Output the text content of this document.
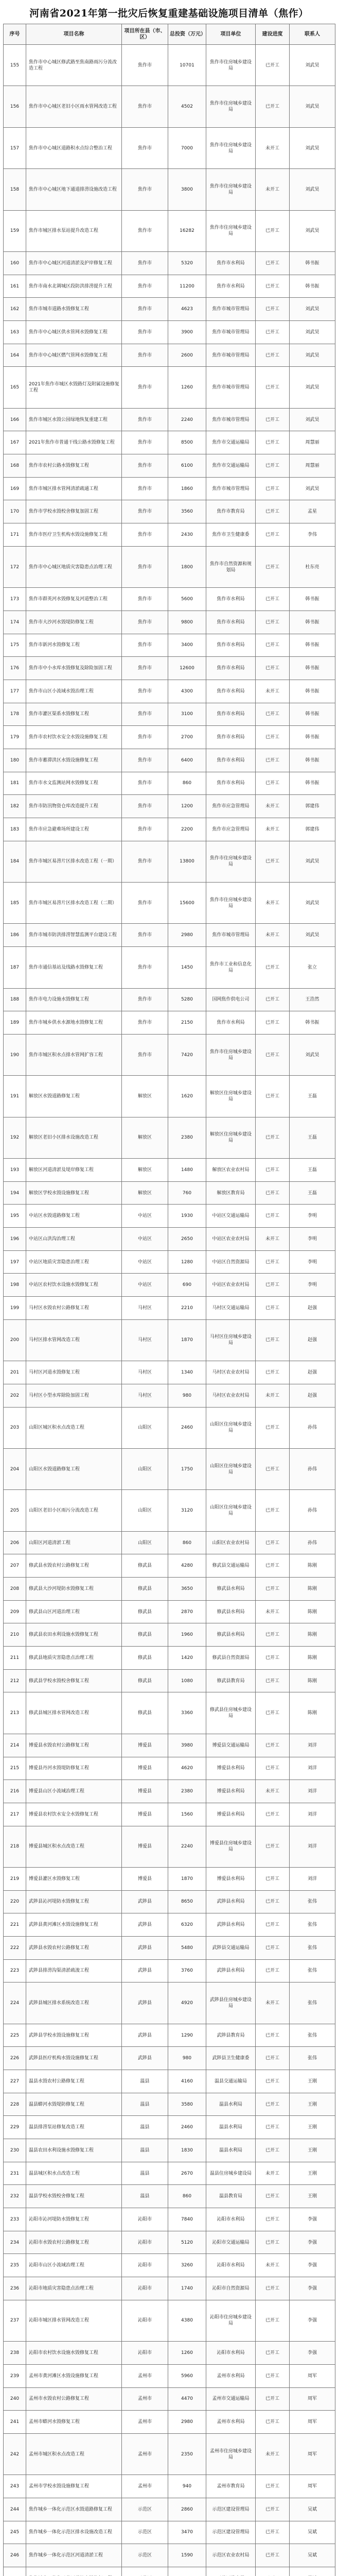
河南省2021年第一批灾后恢复重建基础设施项目清单（焦作）
序号	项目名称	项目所在县（市、区）	总投资（万元）	项目单位	建设进度	联系人
155	焦作市中心城区修武路至焦南路雨污分流改造工程	焦作市	10701	焦作市住房城乡建设局	已开工	刘武昊
156	焦作市中心城区老旧小区雨水管网改造工程	焦作市	4502	焦作市住房城乡建设局	已开工	刘武昊
157	焦作市中心城区道路积水点综合整治工程	焦作市	7000	焦作市住房城乡建设局	未开工	刘武昊
158	焦作市中心城区地下通道排涝设施改造工程	焦作市	3800	焦作市住房城乡建设局	未开工	刘武昊
159	焦作市城区排水泵站提升改造工程	焦作市	16282	焦作市住房城乡建设局	已开工	刘武昊
160	焦作市中心城区河道清淤及护岸修复工程	焦作市	5320	焦作市水利局	已开工	韩书振
161	焦作市南水北调城区段防洪排涝提升工程	焦作市	11200	焦作市水利局	已开工	韩书振
162	焦作市城市道路水毁修复工程	焦作市	4623	焦作市城市管理局	已开工	刘武昊
163	焦作市中心城区供水管网水毁修复工程	焦作市	3900	焦作市城市管理局	已开工	刘武昊
164	焦作市中心城区燃气管网水毁修复工程	焦作市	2600	焦作市城市管理局	已开工	刘武昊
165	2021年焦作市城区水毁路灯及附属设施修复工程	焦作市	1260	焦作市城市管理局	已开工	刘武昊
166	焦作市城区水毁公园绿地恢复重建工程	焦作市	2240	焦作市城市管理局	已开工	刘武昊
167	2021年焦作市普通干线公路水毁修复工程	焦作市	8500	焦作市交通运输局	已开工	周慧丽
168	焦作市农村公路水毁修复工程	焦作市	6100	焦作市交通运输局	已开工	周慧丽
169	焦作市城区排水管网清淤疏通工程	焦作市	1860	焦作市城市管理局	已开工	刘武昊
170	焦作市学校水毁校舍修复加固工程	焦作市	3560	焦作市教育局	已开工	孟星
171	焦作市医疗卫生机构水毁设施修复工程	焦作市	2430	焦作市卫生健康委	已开工	李伟
172	焦作市中心城区地质灾害隐患点治理工程	焦作市	1800	焦作市自然资源和规划局	已开工	杜东亮
173	焦作市群英河水毁修复及河道整治工程	焦作市	5600	焦作市水利局	已开工	韩书振
174	焦作市大沙河水毁堤防修复工程	焦作市	9800	焦作市水利局	已开工	韩书振
175	焦作市新河水毁修复工程	焦作市	3400	焦作市水利局	已开工	韩书振
176	焦作市中小水库水毁修复及除险加固工程	焦作市	12600	焦作市水利局	已开工	韩书振
177	焦作市山区小流域水毁治理工程	焦作市	4300	焦作市水利局	未开工	韩书振
178	焦作市灌区渠系水毁修复工程	焦作市	3100	焦作市水利局	已开工	韩书振
179	焦作市农村饮水安全水毁设施修复工程	焦作市	2700	焦作市水利局	已开工	韩书振
180	焦作市蓄滞洪区水毁设施修复工程	焦作市	6400	焦作市水利局	已开工	韩书振
181	焦作市水文监测站网水毁修复工程	焦作市	860	焦作市水利局	已开工	韩书振
182	焦作市防汛物资仓库改造提升工程	焦作市	1200	焦作市应急管理局	未开工	郭建伟
183	焦作市应急避难场所建设工程	焦作市	2200	焦作市应急管理局	未开工	郭建伟
184	焦作市城区易涝片区排水改造工程（一期）	焦作市	13800	焦作市住房城乡建设局	已开工	刘武昊
185	焦作市城区易涝片区排水改造工程（二期）	焦作市	15600	焦作市住房城乡建设局	未开工	刘武昊
186	焦作市城市防洪排涝智慧监测平台建设工程	焦作市	2980	焦作市城市管理局	未开工	刘武昊
187	焦作市通信基站及线路水毁修复工程	焦作市	1450	焦作市工业和信息化局	已开工	张立
188	焦作市电力设施水毁修复工程	焦作市	5280	国网焦作供电公司	已开工	王浩然
189	焦作市城乡供水水源地水毁修复工程	焦作市	2150	焦作市水利局	已开工	韩书振
190	焦作市城区积水点排水管网扩容工程	焦作市	7420	焦作市住房城乡建设局	已开工	刘武昊
191	解放区水毁道路修复工程	解放区	1620	解放区住房城乡建设局	已开工	王磊
192	解放区老旧小区排水设施改造工程	解放区	2380	解放区住房城乡建设局	已开工	王磊
193	解放区河道清淤及堤岸修复工程	解放区	1480	解放区农业农村局	已开工	王磊
194	解放区学校水毁设施修复工程	解放区	760	解放区教育局	已开工	王磊
195	中站区水毁道路修复工程	中站区	1930	中站区交通运输局	已开工	李明
196	中站区山洪沟治理工程	中站区	2650	中站区农业农村局	未开工	李明
197	中站区地质灾害隐患治理工程	中站区	1280	中站区自然资源局	已开工	李明
198	中站区农村饮水设施水毁修复工程	中站区	690	中站区农业农村局	已开工	李明
199	马村区水毁农村公路修复工程	马村区	2210	马村区交通运输局	已开工	赵强
200	马村区排水管网改造工程	马村区	1870	马村区住房城乡建设局	已开工	赵强
201	马村区河道水毁修复工程	马村区	1340	马村区农业农村局	已开工	赵强
202	马村区小型水库除险加固工程	马村区	980	马村区农业农村局	未开工	赵强
203	山阳区城区积水点改造工程	山阳区	2460	山阳区住房城乡建设局	已开工	孙伟
204	山阳区水毁道路修复工程	山阳区	1750	山阳区住房城乡建设局	已开工	孙伟
205	山阳区老旧小区雨污分流改造工程	山阳区	3120	山阳区住房城乡建设局	已开工	孙伟
206	山阳区河道清淤工程	山阳区	860	山阳区农业农村局	已开工	孙伟
207	修武县水毁农村公路修复工程	修武县	4280	修武县交通运输局	已开工	陈刚
208	修武县大沙河堤防水毁修复工程	修武县	3650	修武县水利局	已开工	陈刚
209	修武县山区河道治理工程	修武县	2870	修武县水利局	未开工	陈刚
210	修武县农田水利设施水毁修复工程	修武县	1960	修武县水利局	已开工	陈刚
211	修武县地质灾害隐患点治理工程	修武县	1420	修武县自然资源局	已开工	陈刚
212	修武县学校水毁校舍修复工程	修武县	1080	修武县教育局	已开工	陈刚
213	修武县城区排水管网改造工程	修武县	3360	修武县住房城乡建设局	已开工	陈刚
214	博爱县水毁农村公路修复工程	博爱县	3980	博爱县交通运输局	已开工	刘洋
215	博爱县丹河水毁堤防修复工程	博爱县	4620	博爱县水利局	已开工	刘洋
216	博爱县山区小流域治理工程	博爱县	2380	博爱县水利局	未开工	刘洋
217	博爱县农村饮水安全水毁修复工程	博爱县	1560	博爱县水利局	已开工	刘洋
218	博爱县城区积水点改造工程	博爱县	2240	博爱县住房城乡建设局	已开工	刘洋
219	博爱县灌区水毁修复工程	博爱县	1870	博爱县水利局	已开工	刘洋
220	武陟县沁河堤防水毁修复工程	武陟县	8650	武陟县水利局	已开工	张伟
221	武陟县黄河滩区水毁设施修复工程	武陟县	6320	武陟县水利局	已开工	张伟
222	武陟县水毁农村公路修复工程	武陟县	5480	武陟县交通运输局	已开工	张伟
223	武陟县排涝沟渠清淤疏浚工程	武陟县	3760	武陟县水利局	已开工	张伟
224	武陟县城区排水系统改造工程	武陟县	4920	武陟县住房城乡建设局	未开工	张伟
225	武陟县学校水毁设施修复工程	武陟县	1290	武陟县教育局	已开工	张伟
226	武陟县医疗机构水毁设施修复工程	武陟县	980	武陟县卫生健康委	已开工	张伟
227	温县水毁农村公路修复工程	温县	4160	温县交通运输局	已开工	王刚
228	温县蟒河水毁堤防修复工程	温县	3580	温县水利局	已开工	王刚
229	温县排涝泵站修复改造工程	温县	2460	温县水利局	已开工	王刚
230	温县农田水利设施水毁修复工程	温县	1830	温县水利局	已开工	王刚
231	温县城区积水点改造工程	温县	2670	温县住房城乡建设局	未开工	王刚
232	温县学校水毁校舍修复工程	温县	860	温县教育局	已开工	王刚
233	沁阳市沁河堤防水毁修复工程	沁阳市	7840	沁阳市水利局	已开工	李强
234	沁阳市水毁农村公路修复工程	沁阳市	5120	沁阳市交通运输局	已开工	李强
235	沁阳市山区小流域治理工程	沁阳市	3260	沁阳市水利局	未开工	李强
236	沁阳市地质灾害隐患点治理工程	沁阳市	1740	沁阳市自然资源局	已开工	李强
237	沁阳市城区排水管网改造工程	沁阳市	4380	沁阳市住房城乡建设局	已开工	李强
238	沁阳市农村饮水设施水毁修复工程	沁阳市	1260	沁阳市水利局	已开工	李强
239	孟州市黄河滩区水毁设施修复工程	孟州市	5960	孟州市水利局	已开工	周军
240	孟州市水毁农村公路修复工程	孟州市	4470	孟州市交通运输局	已开工	周军
241	孟州市蟒河水毁修复工程	孟州市	2980	孟州市水利局	已开工	周军
242	孟州市城区积水点改造工程	孟州市	2350	孟州市住房城乡建设局	未开工	周军
243	孟州市学校水毁设施修复工程	孟州市	940	孟州市教育局	已开工	周军
244	焦作城乡一体化示范区水毁道路修复工程	示范区	2860	示范区建设管理局	已开工	吴斌
245	焦作城乡一体化示范区排水设施改造工程	示范区	3470	示范区建设管理局	已开工	吴斌
246	焦作城乡一体化示范区河道清淤工程	示范区	1590	示范区农业农村局	已开工	吴斌
